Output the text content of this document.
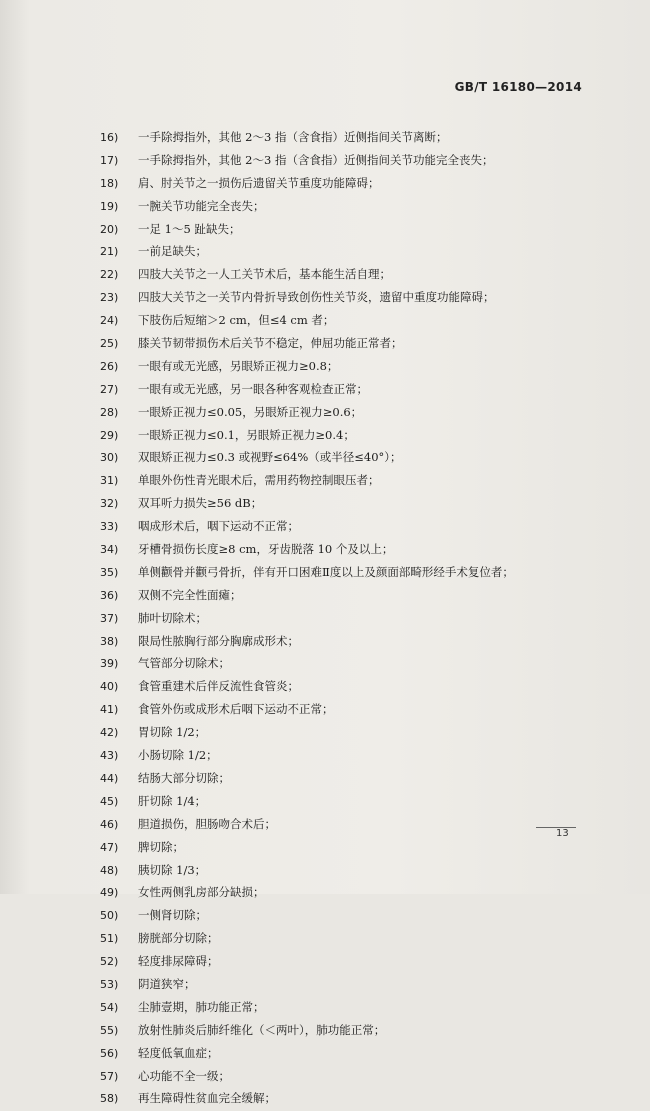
GB/T 16180—2014
16) 一手除拇指外，其他 2～3 指（含食指）近侧指间关节离断；
17) 一手除拇指外，其他 2～3 指（含食指）近侧指间关节功能完全丧失；
18) 肩、肘关节之一损伤后遗留关节重度功能障碍；
19) 一腕关节功能完全丧失；
20) 一足 1～5 趾缺失；
21) 一前足缺失；
22) 四肢大关节之一人工关节术后，基本能生活自理；
23) 四肢大关节之一关节内骨折导致创伤性关节炎，遗留中重度功能障碍；
24) 下肢伤后短缩＞2 cm，但≤4 cm 者；
25) 膝关节韧带损伤术后关节不稳定，伸屈功能正常者；
26) 一眼有或无光感，另眼矫正视力≥0.8；
27) 一眼有或无光感，另一眼各种客观检查正常；
28) 一眼矫正视力≤0.05，另眼矫正视力≥0.6；
29) 一眼矫正视力≤0.1，另眼矫正视力≥0.4；
30) 双眼矫正视力≤0.3 或视野≤64%（或半径≤40°）；
31) 单眼外伤性青光眼术后，需用药物控制眼压者；
32) 双耳听力损失≥56 dB；
33) 咽成形术后，咽下运动不正常；
34) 牙槽骨损伤长度≥8 cm，牙齿脱落 10 个及以上；
35) 单侧颧骨并颧弓骨折，伴有开口困难Ⅱ度以上及颜面部畸形经手术复位者；
36) 双侧不完全性面瘫；
37) 肺叶切除术；
38) 限局性脓胸行部分胸廓成形术；
39) 气管部分切除术；
40) 食管重建术后伴反流性食管炎；
41) 食管外伤或成形术后咽下运动不正常；
42) 胃切除 1/2；
43) 小肠切除 1/2；
44) 结肠大部分切除；
45) 肝切除 1/4；
46) 胆道损伤，胆肠吻合术后；
47) 脾切除；
48) 胰切除 1/3；
49) 女性两侧乳房部分缺损；
50) 一侧肾切除；
51) 膀胱部分切除；
52) 轻度排尿障碍；
53) 阴道狭窄；
54) 尘肺壹期，肺功能正常；
55) 放射性肺炎后肺纤维化（＜两叶），肺功能正常；
56) 轻度低氧血症；
57) 心功能不全一级；
58) 再生障碍性贫血完全缓解；
13
